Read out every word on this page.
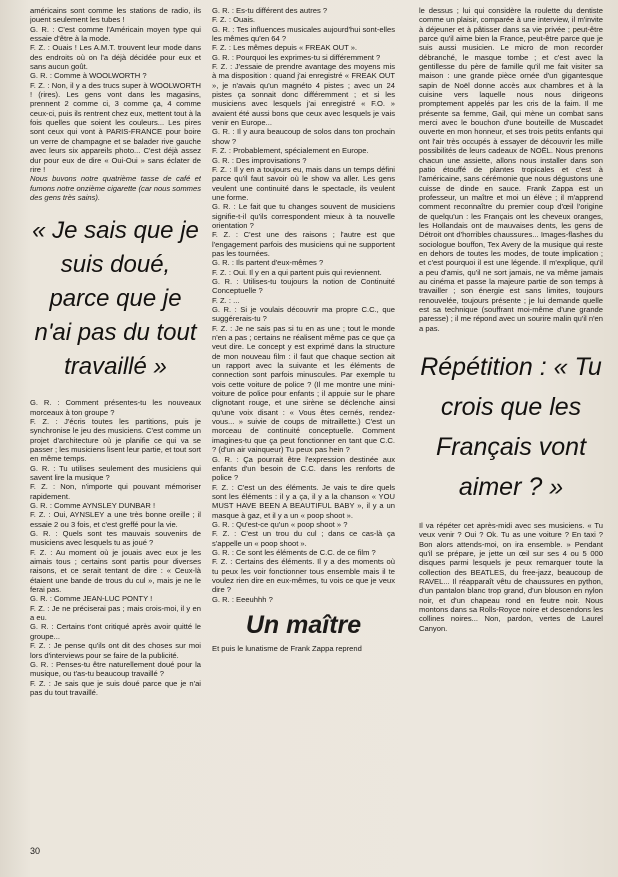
américains sont comme les stations de radio, ils jouent seulement les tubes !

G. R. : C'est comme l'Américain moyen type qui essaie d'être à la mode.

F. Z. : Ouais ! Les A.M.T. trouvent leur mode dans des endroits où on l'a déjà décidée pour eux et sans aucun goût.

G. R. : Comme à WOOLWORTH ?

F. Z. : Non, il y a des trucs super à WOOLWORTH ! (rires). Les gens vont dans les magasins, prennent 2 comme ci, 3 comme ça, 4 comme ceux-ci, puis ils rentrent chez eux, mettent tout à la fois quelles que soient les couleurs... Les pires sont ceux qui vont à PARIS-FRANCE pour boire un verre de champagne et se balader rive gauche avec leurs six appareils photo... C'est déjà assez dur pour eux de dire « Oui-Oui » sans éclater de rire !

Nous buvons notre quatrième tasse de café et fumons notre onzième cigarette (car nous sommes des gens très sains).

« Je sais que je suis doué, parce que je n'ai pas du tout travaillé »

G. R. : Comment présentes-tu les nouveaux morceaux à ton groupe ?

F. Z. : J'écris toutes les partitions, puis je synchronise le jeu des musiciens. C'est comme un projet d'architecture où je planifie ce qui va se passer ; les musiciens lisent leur partie, et tout sort en même temps.

G. R. : Tu utilises seulement des musiciens qui savent lire la musique ?

F. Z. : Non, n'importe qui pouvant mémoriser rapidement.

G. R. : Comme AYNSLEY DUNBAR !

F. Z. : Oui, AYNSLEY a une très bonne oreille ; il essaie 2 ou 3 fois, et c'est greffé pour la vie.

G. R. : Quels sont tes mauvais souvenirs de musiciens avec lesquels tu as joué ?

F. Z. : Au moment où je jouais avec eux je les aimais tous ; certains sont partis pour diverses raisons, et ce serait tentant de dire : « Ceux-là étaient une bande de trous du cul », mais je ne le ferai pas.

G. R. : Comme JEAN-LUC PONTY !

F. Z. : Je ne préciserai pas ; mais crois-moi, il y en a eu.

G. R. : Certains t'ont critiqué après avoir quitté le groupe...

F. Z. : Je pense qu'ils ont dit des choses sur moi lors d'interviews pour se faire de la publicité.

G. R. : Penses-tu être naturellement doué pour la musique, ou t'as-tu beaucoup travaillé ?

F. Z. : Je sais que je suis doué parce que je n'ai pas du tout travaillé.

G. R. : Es-tu différent des autres ?

F. Z. : Ouais.

G. R. : Tes influences musicales aujourd'hui sont-elles les mêmes qu'en 64 ?

F. Z. : Les mêmes depuis « FREAK OUT ».

G. R. : Pourquoi les exprimes-tu si différemment ?

F. Z. : J'essaie de prendre avantage des moyens mis à ma disposition : quand j'ai enregistré « FREAK OUT », je n'avais qu'un magnéto 4 pistes ; avec un 24 pistes ça sonnait donc différemment ; et si les musiciens avec lesquels j'ai enregistré « F.O. » avaient été aussi bons que ceux avec lesquels je vais venir en Europe...

G. R. : Il y aura beaucoup de solos dans ton prochain show ?

F. Z. : Probablement, spécialement en Europe.

G. R. : Des improvisations ?

F. Z. : Il y en a toujours eu, mais dans un temps défini parce qu'il faut savoir où le show va aller. Les gens veulent une continuité dans le spectacle, ils veulent une forme.

G. R. : Le fait que tu changes souvent de musiciens signifie-t-il qu'ils correspondent mieux à ta nouvelle orientation ?

F. Z. : C'est une des raisons ; l'autre est que l'engagement parfois des musiciens qui ne supportent pas les tournées.

G. R. : Ils partent d'eux-mêmes ?

F. Z. : Oui. Il y en a qui partent puis qui reviennent.

G. R. : Utilises-tu toujours la notion de Continuité Conceptuelle ?

F. Z. : ...

G. R. : Si je voulais découvrir ma propre C.C., que suggérerais-tu ?

F. Z. : Je ne sais pas si tu en as une ; tout le monde n'en a pas ; certains ne réalisent même pas ce que ça veut dire. Le concept y est exprimé dans la structure de mon nouveau film : il faut que chaque section ait un rapport avec la suivante et les éléments de connection sont parfois minuscules. Par exemple tu vois cette voiture de police ? (Il me montre une mini-voiture de police pour enfants ; il appuie sur le phare clignotant rouge, et une sirène se déclenche ainsi qu'une voix disant : « Vous êtes cernés, rendez-vous... » suivie de coups de mitraillette.) C'est un morceau de continuité conceptuelle. Comment imagines-tu que ça peut fonctionner en tant que C.C. ? (d'un air vainqueur) Tu peux pas hein ?

G. R. : Ça pourrait être l'expression destinée aux enfants d'un besoin de C.C. dans les renforts de police ?

F. Z. : C'est un des éléments. Je vais te dire quels sont les éléments : il y a ça, il y a la chanson « YOU MUST HAVE BEEN A BEAUTIFUL BABY », il y a un masque à gaz, et il y a un « poop shoot ».

G. R. : Qu'est-ce qu'un « poop shoot » ?

F. Z. : C'est un trou du cul ; dans ce cas-là ça s'appelle un « poop shoot ».

G. R. : Ce sont les éléments de C.C. de ce film ?

F. Z. : Certains des éléments. Il y a des moments où tu peux les voir fonctionner tous ensemble mais il te voulez rien dire en eux-mêmes, tu vois ce que je veux dire ?

G. R. : Eeeuhhh ?

Un maître

Et puis le lunatisme de Frank Zappa reprend

le dessus ; lui qui considère la roulette du dentiste comme un plaisir, comparée à une interview, il m'invite à déjeuner et à pâtisser dans sa vie privée ; peut-être parce qu'il aime bien la France, peut-être parce que je suis aussi musicien. Le micro de mon recorder débranché, le masque tombe ; et c'est avec la gentillesse du père de famille qu'il me fait visiter sa maison : une grande pièce ornée d'un gigantesque sapin de Noël donne accès aux chambres et à la cuisine vers laquelle nous nous dirigeons promptement appelés par les cris de la faim. Il me présente sa femme, Gail, qui mène un combat sans merci avec le bouchon d'une bouteille de Muscadet ouverte en mon honneur, et ses trois petits enfants qui ont l'air très occupés à essayer de découvrir les mille possibilités de leurs cadeaux de NOËL. Nous prenons chacun une assiette, allons nous installer dans son patio étouffé de plantes tropicales et c'est à l'américaine, sans cérémonie que nous dégustons une cuisse de dinde en sauce. Frank Zappa est un professeur, un maître et moi un élève ; il m'apprend comment reconnaître du premier coup d'œil l'origine de quelqu'un : les Français ont les cheveux oranges, les Hollandais ont de mauvaises dents, les gens de Détroit ont d'horribles chaussures... Images-flashes du sociologue bouffon, Tex Avery de la musique qui reste en dehors de toutes les modes, de toute implication ; et c'est pourquoi il est une légende. Il m'explique, qu'il a peu d'amis, qu'il ne sort jamais, ne va même jamais au cinéma et passe la majeure partie de son temps à travailler ; son énergie est sans limites, toujours renouvelée, toujours présente ; je lui demande quelle est sa technique (souffrant moi-même d'une grande paresse) ; il me répond avec un sourire malin qu'il n'en a pas.

Répétition : « Tu crois que les Français vont aimer ? »

Il va répéter cet après-midi avec ses musiciens. « Tu veux venir ? Oui ? Ok. Tu as une voiture ? En taxi ? Bon alors attends-moi, on ira ensemble. » Pendant qu'il se prépare, je jette un œil sur ses 4 ou 5 000 disques parmi lesquels je peux remarquer toute la collection des BEATLES, du free-jazz, beaucoup de RAVEL... Il réapparaît vêtu de chaussures en python, d'un pantalon blanc trop grand, d'un blouson en nylon noir, et d'un chapeau rond en feutre noir. Nous montons dans sa Rolls-Royce noire et descendons les collines noires... Non, pardon, vertes de Laurel Canyon.

30
